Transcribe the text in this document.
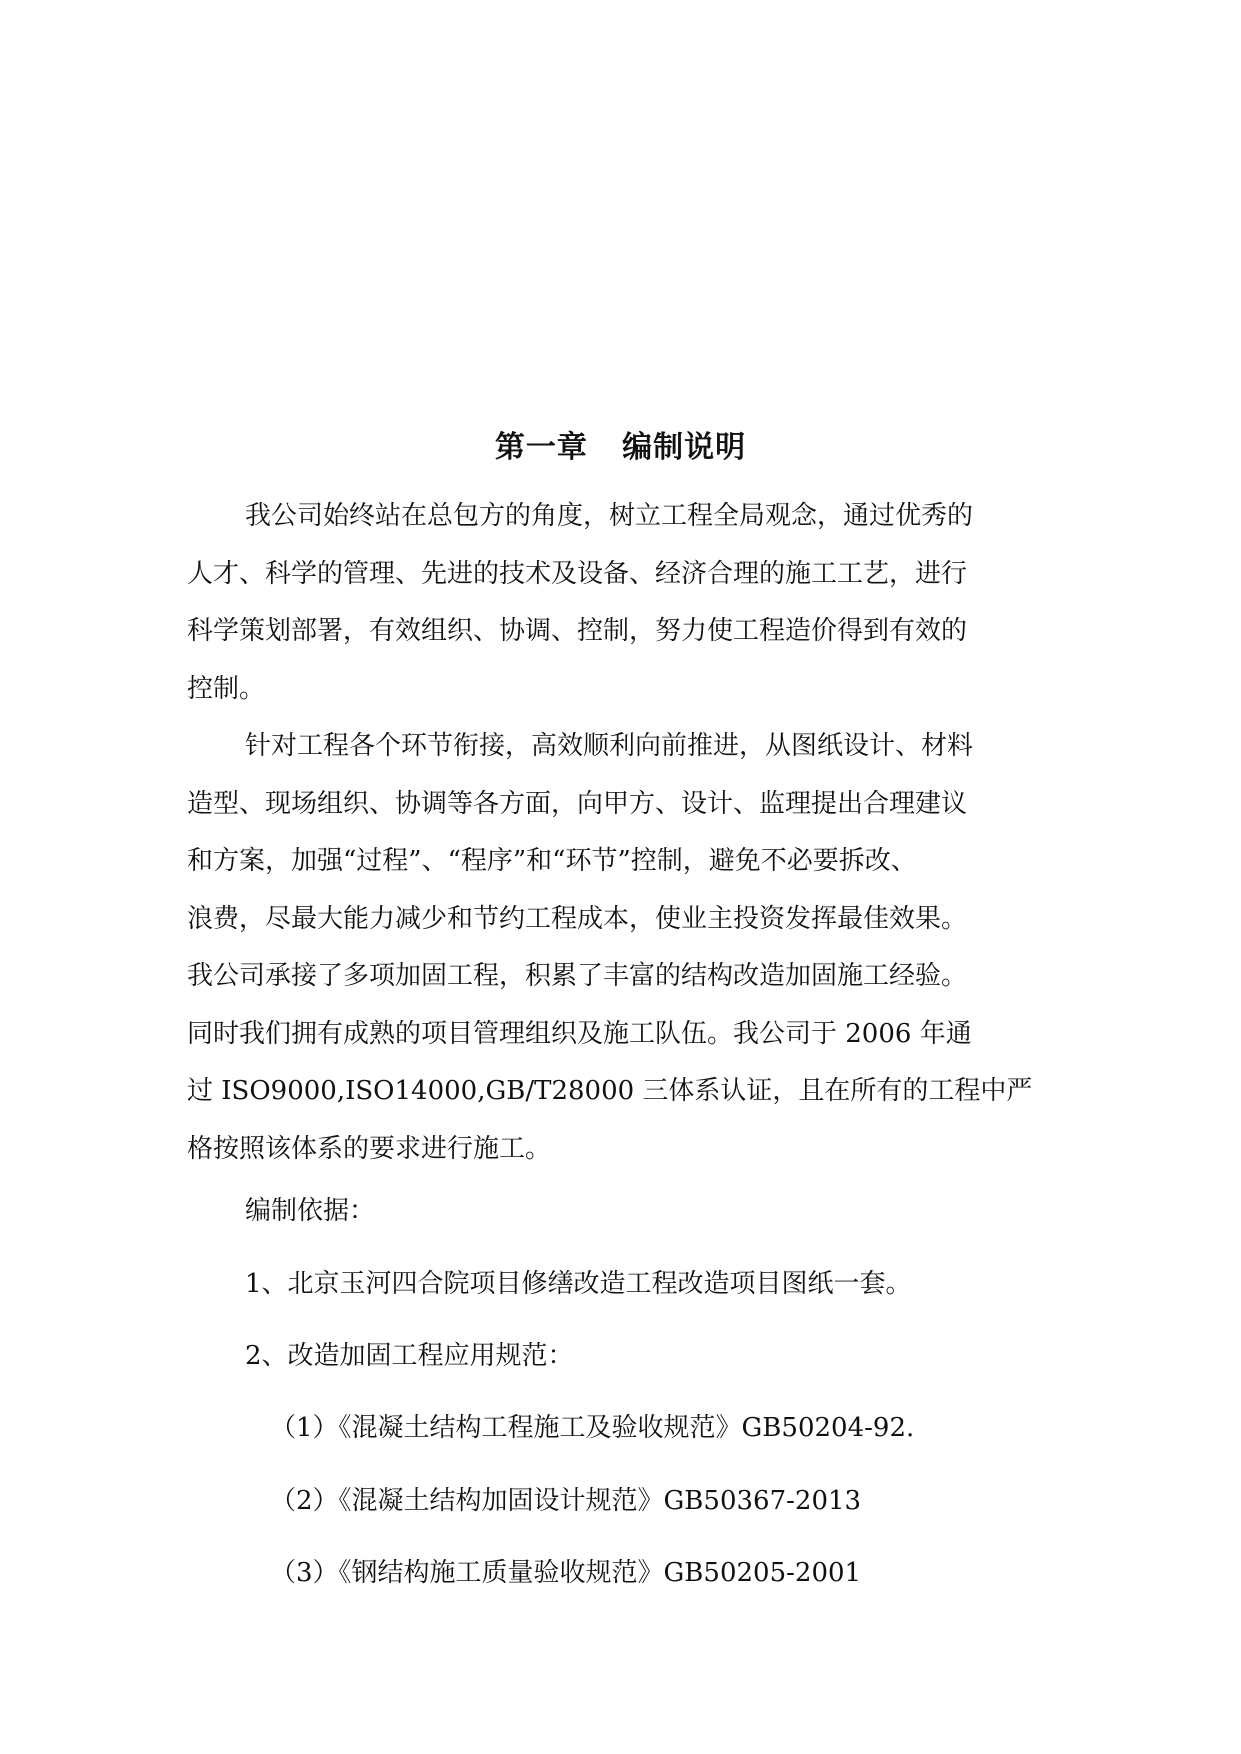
第一章   编制说明

我公司始终站在总包方的角度，树立工程全局观念，通过优秀的

人才、科学的管理、先进的技术及设备、经济合理的施工工艺，进行

科学策划部署，有效组织、协调、控制，努力使工程造价得到有效的

控制。

针对工程各个环节衔接，高效顺利向前推进，从图纸设计、材料

造型、现场组织、协调等各方面，向甲方、设计、监理提出合理建议

和方案，加强“过程”、“程序”和“环节”控制，避免不必要拆改、

浪费，尽最大能力减少和节约工程成本，使业主投资发挥最佳效果。

我公司承接了多项加固工程，积累了丰富的结构改造加固施工经验。

同时我们拥有成熟的项目管理组织及施工队伍。我公司于 2006 年通

过 ISO9000,ISO14000,GB/T28000 三体系认证，且在所有的工程中严

格按照该体系的要求进行施工。

编制依据：

1、北京玉河四合院项目修缮改造工程改造项目图纸一套。

2、改造加固工程应用规范：

（1）《混凝土结构工程施工及验收规范》GB50204-92.

（2）《混凝土结构加固设计规范》GB50367-2013

（3）《钢结构施工质量验收规范》GB50205-2001
